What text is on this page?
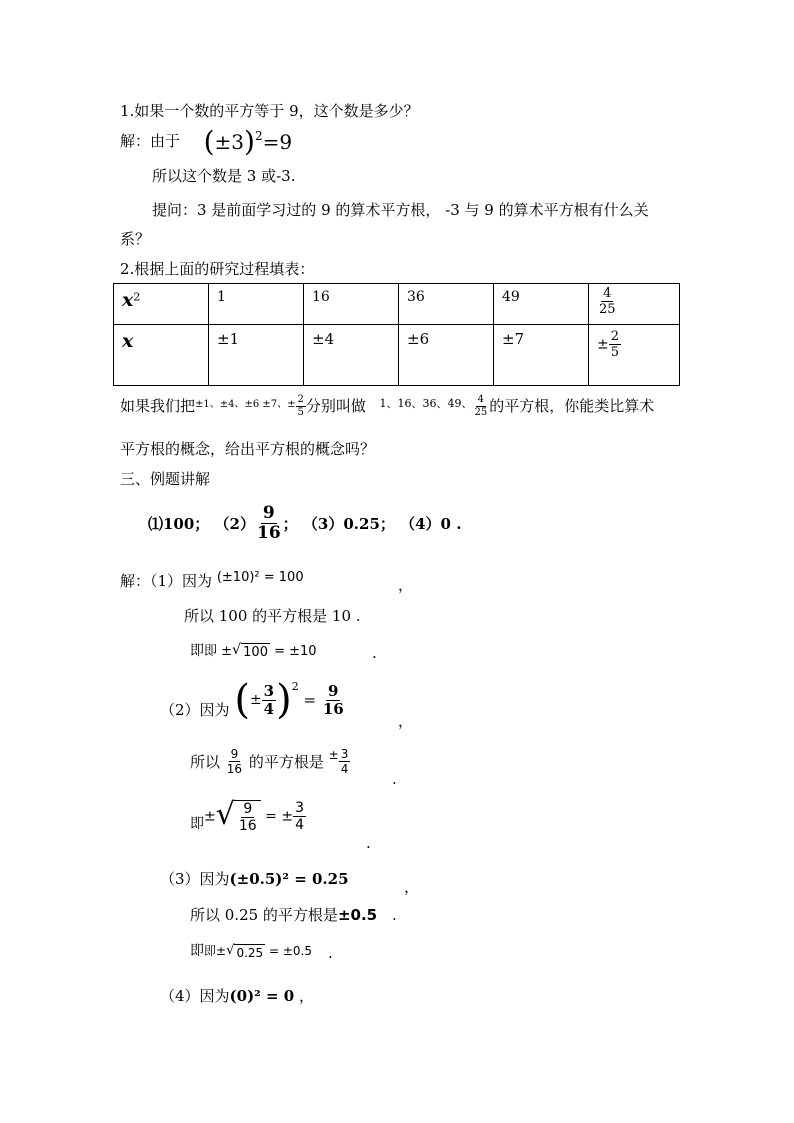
1.如果一个数的平方等于 9，这个数是多少？
解：由于 $(\pm 3)^2=9$
所以这个数是 3 或-3.
提问：3 是前面学习过的 9 的算术平方根， -3 与 9 的算术平方根有什么关
系？
2.根据上面的研究过程填表：
$x^2$	1	16	36	49	$\frac{4}{25}$

x	±1	±4	±6	±7	± $\frac{2}{5}$
如果我们把$^{\pm 1、\pm 4、\pm 6 \pm 7、\pm} \frac{2}{5}$ 分别叫做 $^{1、16、36、49、} \frac{4}{25}$ 的平方根，你能类比算术
平方根的概念，给出平方根的概念吗？
三、例题讲解
⑴100； $(2) \frac{9}{16}$ ； （3）0.25； （4）0 .
解：（1）因为 (±10)² = 100	，
所以 100 的平方根是 10 .
即即 ± √ 100 = ±10	.
（2）因为 (± $\frac{3}{4} )^2 = \frac{9}{16}$
，
所以 $\frac{9}{16}$ 的平方根是 $^\pm \frac{3}{4}$
.
即± √ $\frac{9}{16}$ = ± $\frac{3}{4}$
.
（3）因为(±0.5)² = 0.25	，
所以 0.25 的平方根是±0.5 .
即即± √ 0.25 = ±0.5 .
（4）因为(0)² = 0 ，
